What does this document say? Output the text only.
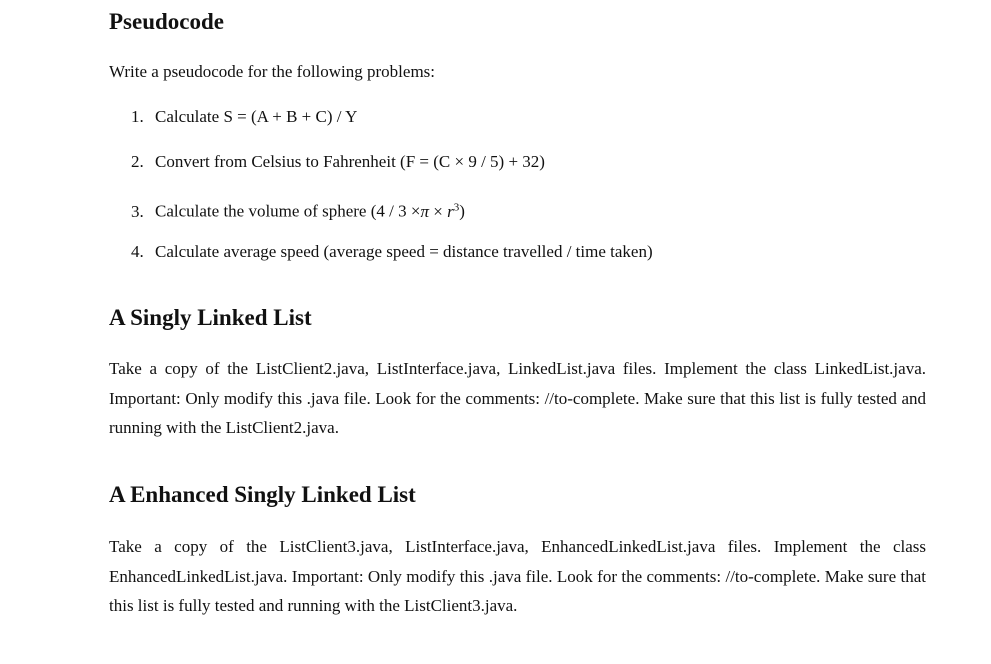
Pseudocode
Write a pseudocode for the following problems:
1. Calculate S = (A + B + C) / Y
2. Convert from Celsius to Fahrenheit (F = (C × 9 / 5) + 32)
3. Calculate the volume of sphere $(4 / 3 \times\pi \times r^3)$
4. Calculate average speed (average speed = distance travelled / time taken)
A Singly Linked List

Take a copy of the ListClient2.java, ListInterface.java, LinkedList.java files. Implement the class LinkedList.java. Important: Only modify this .java file. Look for the comments: //to-complete. Make sure that this list is fully tested and running with the ListClient2.java.

A Enhanced Singly Linked List

Take a copy of the ListClient3.java, ListInterface.java, EnhancedLinkedList.java files. Implement the class EnhancedLinkedList.java. Important: Only modify this .java file. Look for the comments: //to-complete. Make sure that this list is fully tested and running with the ListClient3.java.
